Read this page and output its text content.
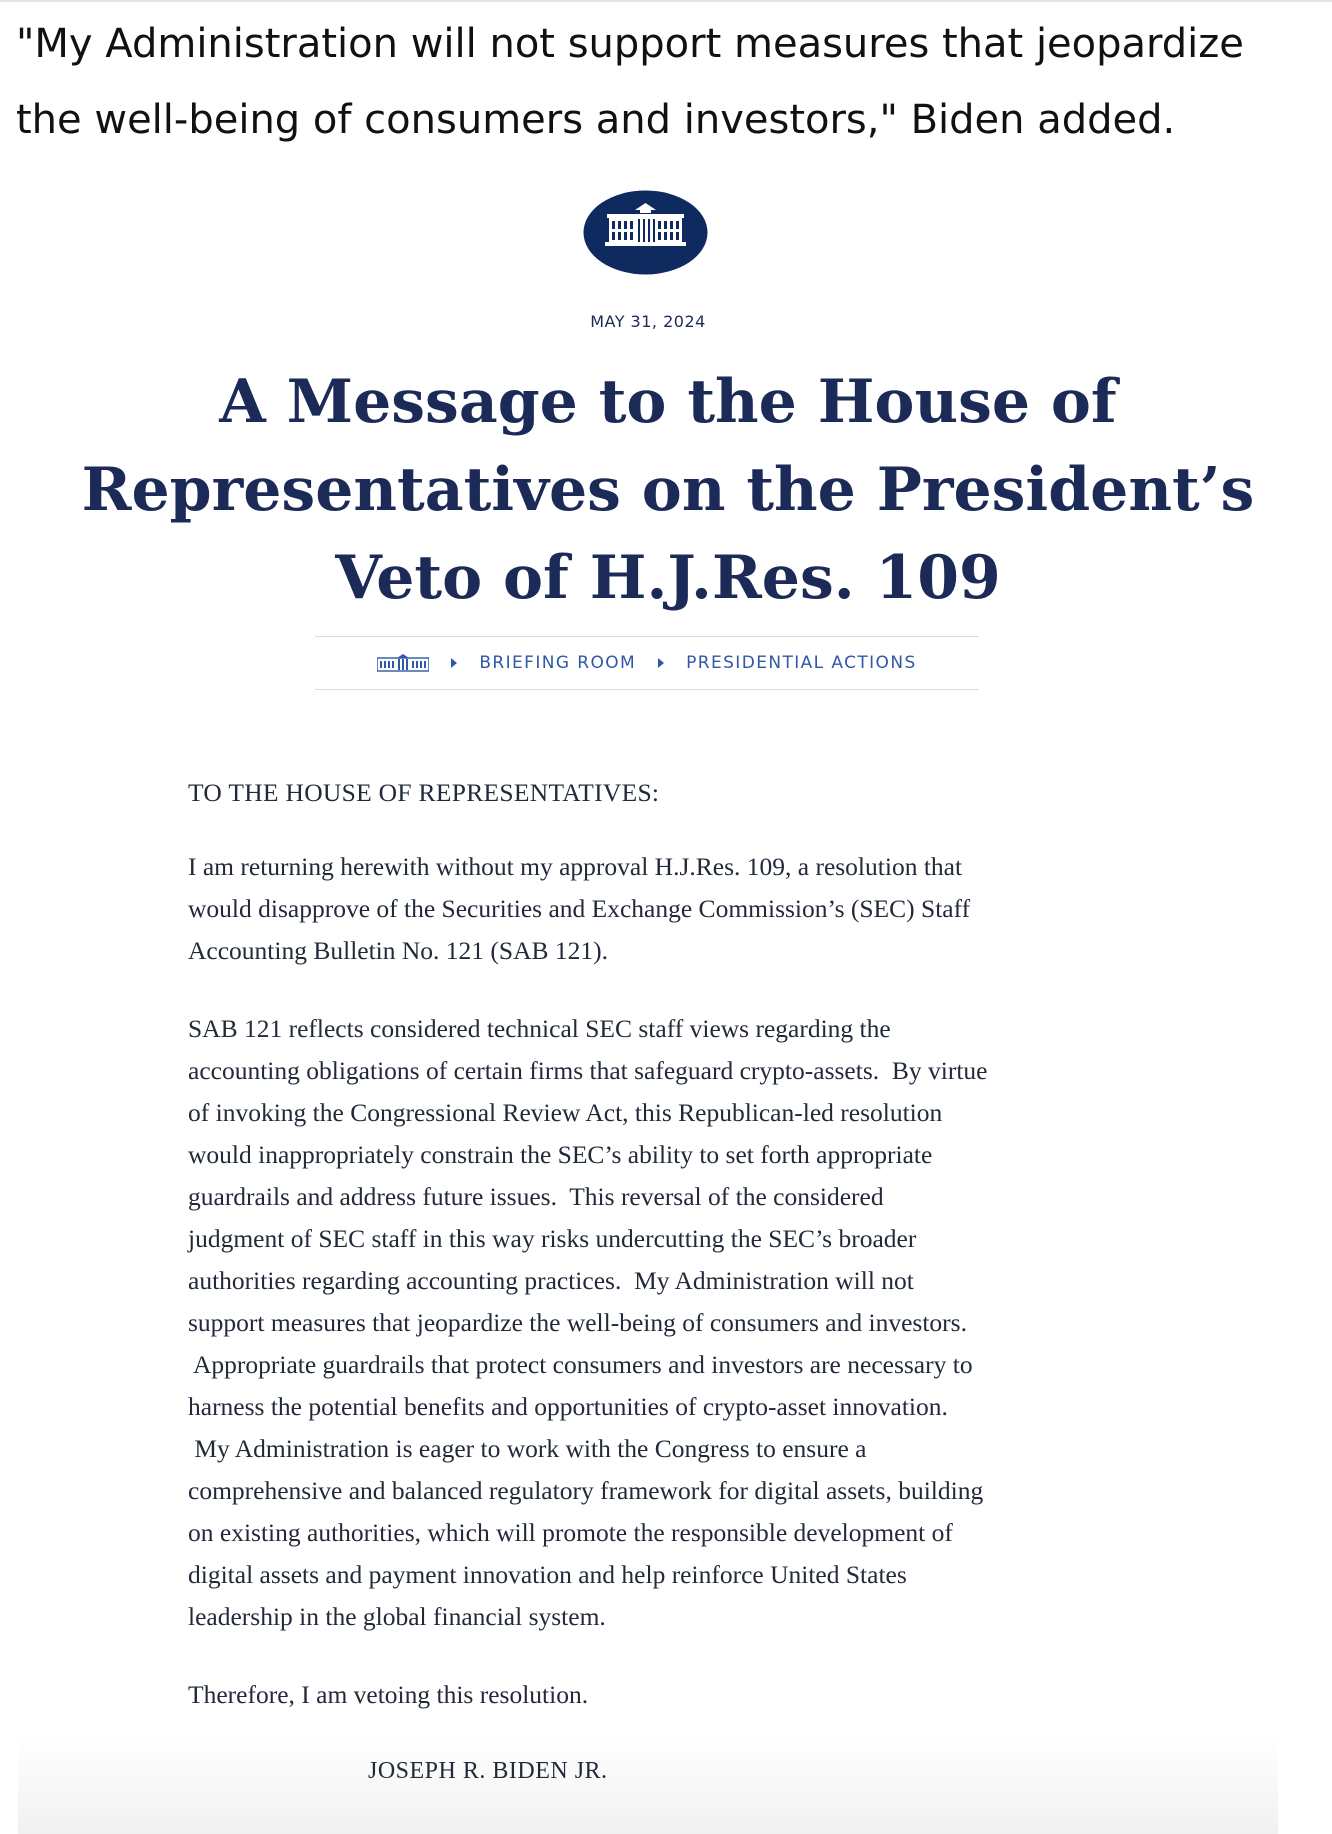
"My Administration will not support measures that jeopardize
the well-being of consumers and investors," Biden added.

MAY 31, 2024
A Message to the House of
Representatives on the President’s
Veto of H.J.Res. 109
BRIEFING ROOM	PRESIDENTIAL ACTIONS

TO THE HOUSE OF REPRESENTATIVES:

I am returning herewith without my approval H.J.Res. 109, a resolution that
would disapprove of the Securities and Exchange Commission’s (SEC) Staff
Accounting Bulletin No. 121 (SAB 121).

SAB 121 reflects considered technical SEC staff views regarding the
accounting obligations of certain firms that safeguard crypto-assets.  By virtue
of invoking the Congressional Review Act, this Republican-led resolution
would inappropriately constrain the SEC’s ability to set forth appropriate
guardrails and address future issues.  This reversal of the considered
judgment of SEC staff in this way risks undercutting the SEC’s broader
authorities regarding accounting practices.  My Administration will not
support measures that jeopardize the well-being of consumers and investors.
Appropriate guardrails that protect consumers and investors are necessary to
harness the potential benefits and opportunities of crypto-asset innovation.
My Administration is eager to work with the Congress to ensure a
comprehensive and balanced regulatory framework for digital assets, building
on existing authorities, which will promote the responsible development of
digital assets and payment innovation and help reinforce United States
leadership in the global financial system.

Therefore, I am vetoing this resolution.

JOSEPH R. BIDEN JR.
